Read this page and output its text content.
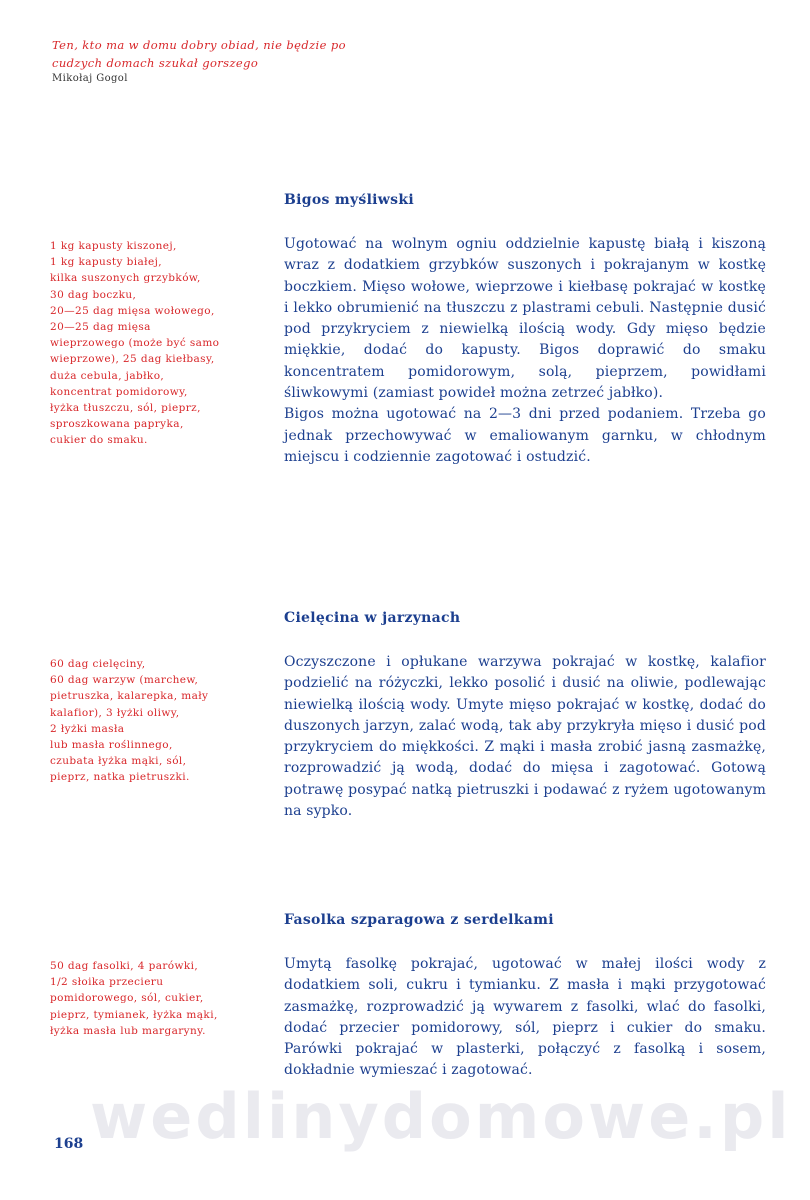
Ten, kto ma w domu dobry obiad, nie będzie po
cudzych domach szukał gorszego
Mikołaj Gogol
Bigos myśliwski
1 kg kapusty kiszonej,
1 kg kapusty białej,
kilka suszonych grzybków,
30 dag boczku,
20—25 dag mięsa wołowego,
20—25 dag mięsa
wieprzowego (może być samo
wieprzowe), 25 dag kiełbasy,
duża cebula, jabłko,
koncentrat pomidorowy,
łyżka tłuszczu, sól, pieprz,
sproszkowana papryka,
cukier do smaku.

Ugotować na wolnym ogniu oddzielnie kapustę białą i kiszoną wraz z dodatkiem grzybków suszonych i pokrajanym w kostkę boczkiem. Mięso wołowe, wieprzowe i kiełbasę pokrajać w kostkę i lekko obrumienić na tłuszczu z plastrami cebuli. Następnie dusić pod przykryciem z niewielką ilością wody. Gdy mięso będzie miękkie, dodać do kapusty. Bigos doprawić do smaku koncentratem pomidorowym, solą, pieprzem, powidłami śliwkowymi (zamiast powideł można zetrzeć jabłko).

Bigos można ugotować na 2—3 dni przed podaniem. Trzeba go jednak przechowywać w emaliowanym garnku, w chłodnym miejscu i codziennie zagotować i ostudzić.

Cielęcina w jarzynach
60 dag cielęciny,
60 dag warzyw (marchew,
pietruszka, kalarepka, mały
kalafior), 3 łyżki oliwy,
2 łyżki masła
lub masła roślinnego,
czubata łyżka mąki, sól,
pieprz, natka pietruszki.

Oczyszczone i opłukane warzywa pokrajać w kostkę, kalafior podzielić na różyczki, lekko posolić i dusić na oliwie, podlewając niewielką ilością wody. Umyte mięso pokrajać w kostkę, dodać do duszonych jarzyn, zalać wodą, tak aby przykryła mięso i dusić pod przykryciem do miękkości. Z mąki i masła zrobić jasną zasmażkę, rozprowadzić ją wodą, dodać do mięsa i zagotować. Gotową potrawę posypać natką pietruszki i podawać z ryżem ugotowanym na sypko.

Fasolka szparagowa z serdelkami
50 dag fasolki, 4 parówki,
1/2 słoika przecieru
pomidorowego, sól, cukier,
pieprz, tymianek, łyżka mąki,
łyżka masła lub margaryny.

Umytą fasolkę pokrajać, ugotować w małej ilości wody z dodatkiem soli, cukru i tymianku. Z masła i mąki przygotować zasmażkę, rozprowadzić ją wywarem z fasolki, wlać do fasolki, dodać przecier pomidorowy, sól, pieprz i cukier do smaku. Parówki pokrajać w plasterki, połączyć z fasolką i sosem, dokładnie wymieszać i zagotować.

wedlinydomowe.pl
168
